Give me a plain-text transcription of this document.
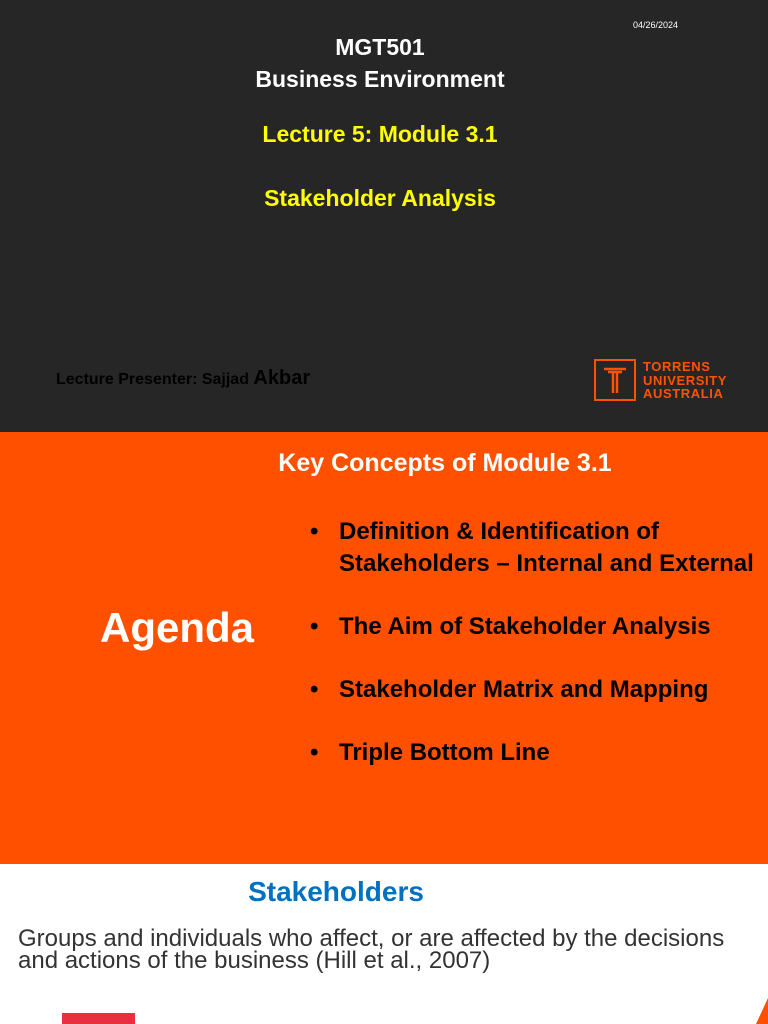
04/26/2024
MGT501
Business Environment
Lecture 5: Module 3.1
Stakeholder Analysis
Lecture Presenter: Sajjad Akbar
TORRENS
UNIVERSITY
AUSTRALIA
Key Concepts of Module 3.1
Agenda
• Definition & Identification of Stakeholders – Internal and External
• The Aim of Stakeholder Analysis
• Stakeholder Matrix and Mapping
• Triple Bottom Line
Stakeholders
Groups and individuals who affect, or are affected by the decisions and actions of the business (Hill et al., 2007)
